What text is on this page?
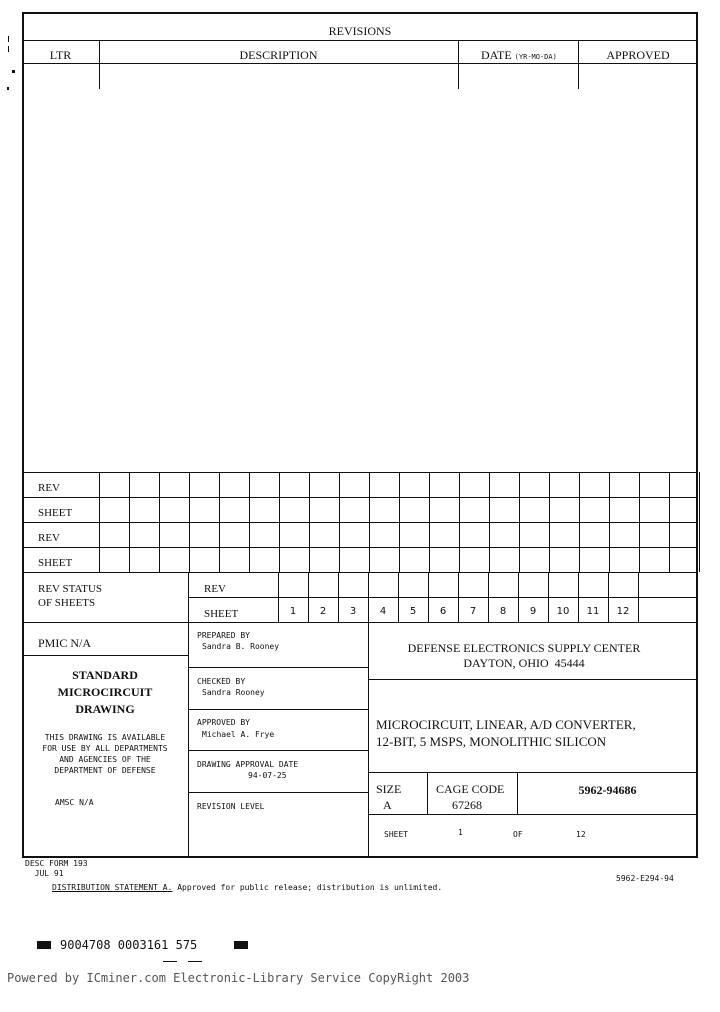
REVISIONS
LTR	DESCRIPTION	DATE (YR-MO-DA)	APPROVED
REV
SHEET
REV
SHEET
REV STATUS
OF SHEETS
REV
SHEET	1	2	3	4	5	6	7	8	9	10	11	12
PMIC N/A
STANDARD
MICROCIRCUIT
DRAWING
THIS DRAWING IS AVAILABLE
FOR USE BY ALL DEPARTMENTS
AND AGENCIES OF THE
DEPARTMENT OF DEFENSE
AMSC N/A
PREPARED BY
Sandra B. Rooney
CHECKED BY
Sandra Rooney
APPROVED BY
Michael A. Frye
DRAWING APPROVAL DATE
94-07-25
REVISION LEVEL
DEFENSE ELECTRONICS SUPPLY CENTER
DAYTON, OHIO  45444
MICROCIRCUIT, LINEAR, A/D CONVERTER,
12-BIT, 5 MSPS, MONOLITHIC SILICON
SIZE
A
CAGE CODE
67268
5962-94686
SHEET	1	OF	12
DESC FORM 193
JUL 91
DISTRIBUTION STATEMENT A. Approved for public release; distribution is unlimited.
5962-E294-94
9004708 0003161 575
Powered by ICminer.com Electronic-Library Service CopyRight 2003
